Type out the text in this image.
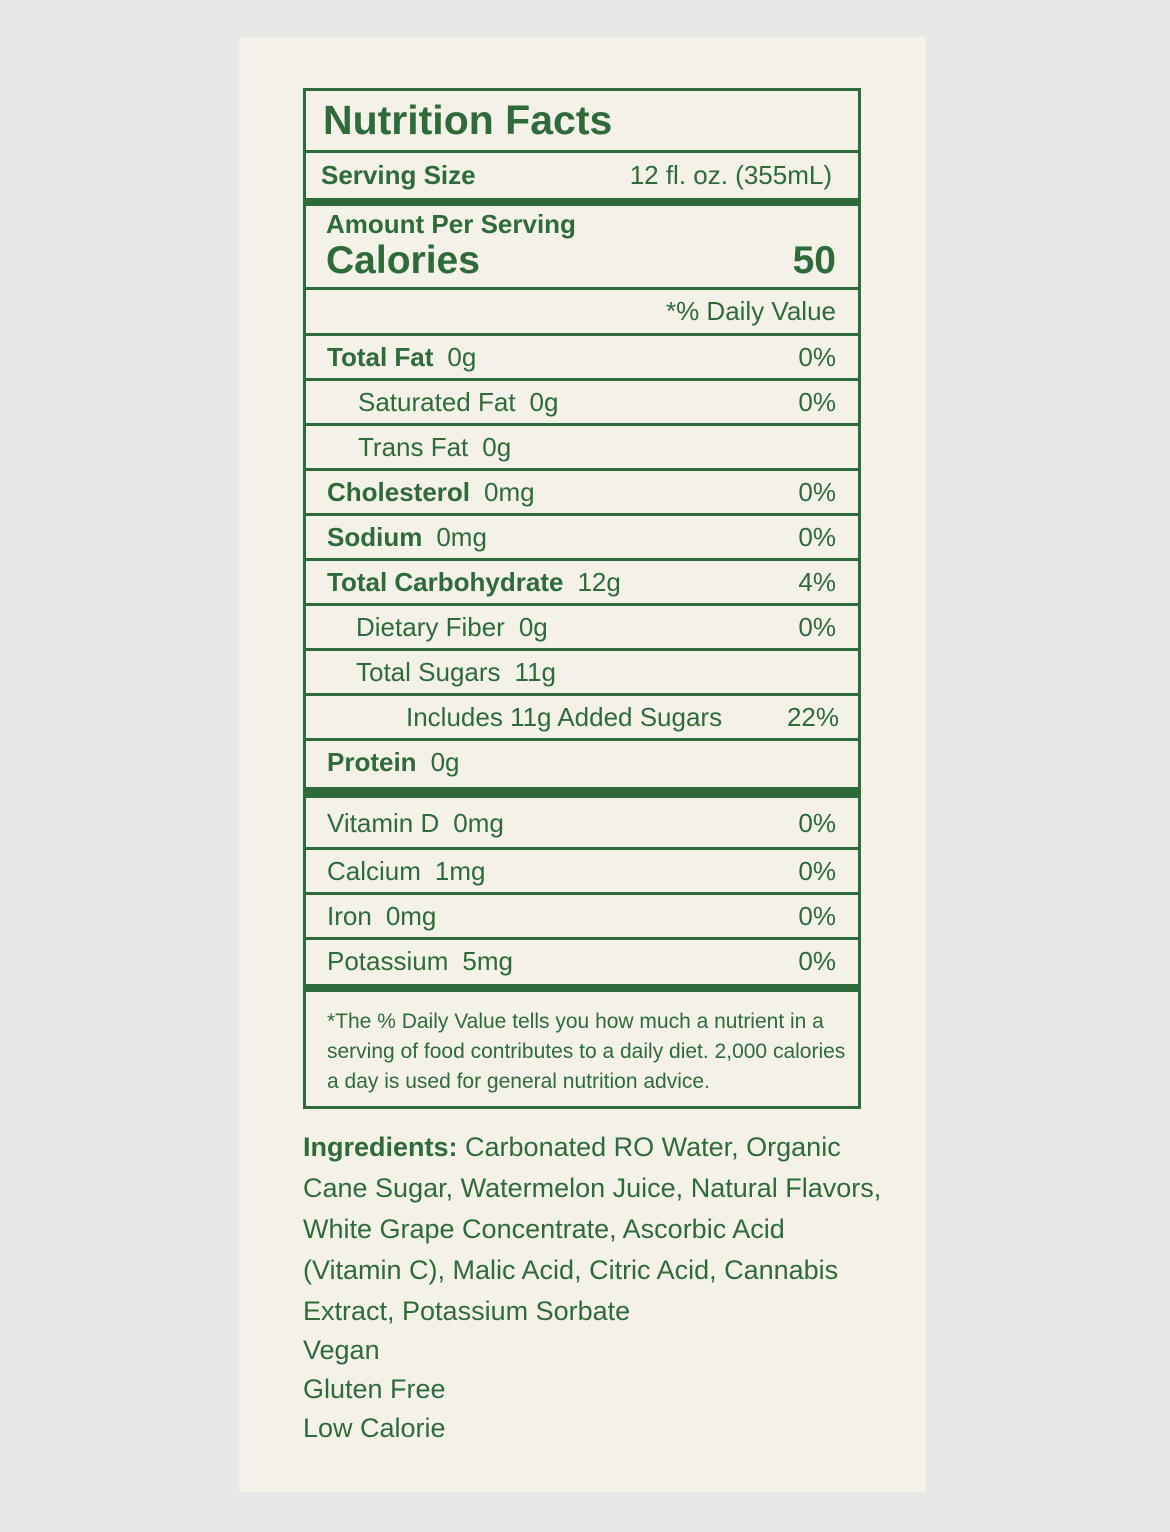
Nutrition Facts
Serving Size	12 fl. oz. (355mL)
Amount Per Serving
Calories	50
*% Daily Value
Total Fat 0g	0%
Saturated Fat 0g	0%
Trans Fat 0g
Cholesterol 0mg	0%
Sodium 0mg	0%
Total Carbohydrate 12g	4%
Dietary Fiber 0g	0%
Total Sugars 11g
Includes 11g Added Sugars 22%
Protein 0g
Vitamin D 0mg	0%
Calcium 1mg	0%
Iron 0mg	0%
Potassium 5mg	0%
*The % Daily Value tells you how much a nutrient in a serving of food contributes to a daily diet. 2,000 calories a day is used for general nutrition advice.
Ingredients: Carbonated RO Water, Organic Cane Sugar, Watermelon Juice, Natural Flavors, White Grape Concentrate, Ascorbic Acid (Vitamin C), Malic Acid, Citric Acid, Cannabis Extract, Potassium Sorbate
Vegan
Gluten Free
Low Calorie
